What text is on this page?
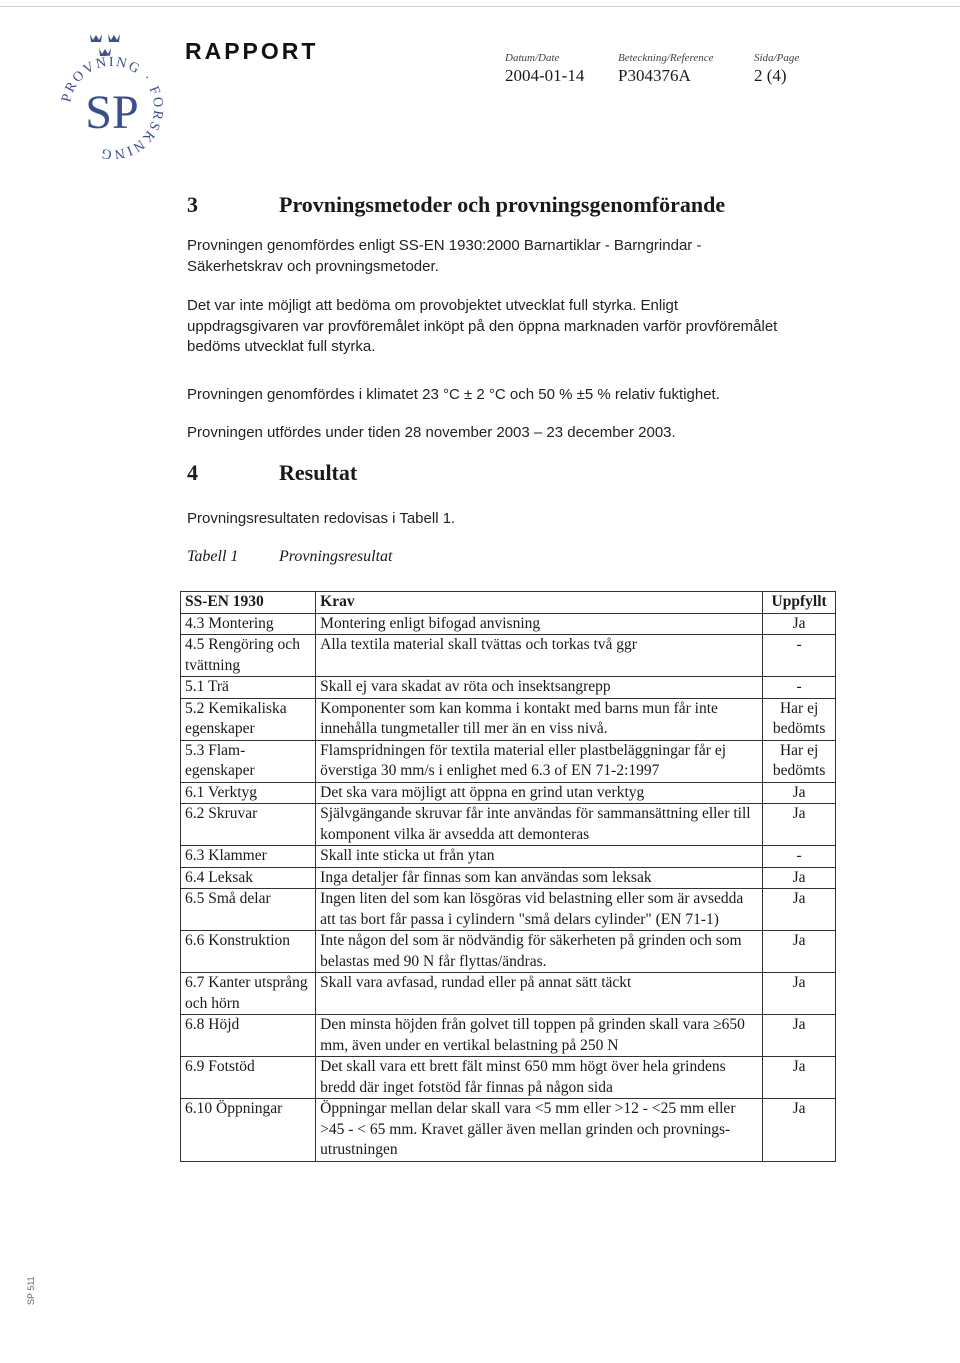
SP
PROVNING · FORSKNING
RAPPORT	Datum/Date
2004-01-14
Beteckning/Reference
P304376A
Sida/Page
2 (4)
3	Provningsmetoder och provningsgenomförande
Provningen genomfördes enligt SS-EN 1930:2000 Barnartiklar - Barngrindar - Säkerhetskrav och provningsmetoder.
Det var inte möjligt att bedöma om provobjektet utvecklat full styrka. Enligt uppdragsgivaren var provföremålet inköpt på den öppna marknaden varför provföremålet bedöms utvecklat full styrka.
Provningen genomfördes i klimatet 23 °C ± 2 °C och 50 % ±5 % relativ fuktighet.
Provningen utfördes under tiden 28 november 2003 – 23 december 2003.
4	Resultat
Provningsresultaten redovisas i Tabell 1.
Tabell 1	Provningsresultat
SS-EN 1930	Krav	Uppfyllt
4.3 Montering	Montering enligt bifogad anvisning	Ja
4.5 Rengöring och tvättning	Alla textila material skall tvättas och torkas två ggr	-
5.1 Trä	Skall ej vara skadat av röta och insektsangrepp	-
5.2 Kemikaliska egenskaper	Komponenter som kan komma i kontakt med barns mun får inte innehålla tungmetaller till mer än en viss nivå.	Har ej bedömts
5.3 Flam-egenskaper	Flamspridningen för textila material eller plastbeläggningar får ej överstiga 30 mm/s i enlighet med 6.3 of EN 71-2:1997	Har ej bedömts
6.1 Verktyg	Det ska vara möjligt att öppna en grind utan verktyg	Ja
6.2 Skruvar	Självgängande skruvar får inte användas för sammansättning eller till komponent vilka är avsedda att demonteras	Ja
6.3 Klammer	Skall inte sticka ut från ytan	-
6.4 Leksak	Inga detaljer får finnas som kan användas som leksak	Ja
6.5 Små delar	Ingen liten del som kan lösgöras vid belastning eller som är avsedda att tas bort får passa i cylindern "små delars cylinder" (EN 71-1)	Ja
6.6 Konstruktion	Inte någon del som är nödvändig för säkerheten på grinden och som belastas med 90 N får flyttas/ändras.	Ja
6.7 Kanter utsprång och hörn	Skall vara avfasad, rundad eller på annat sätt täckt	Ja
6.8 Höjd	Den minsta höjden från golvet till toppen på grinden skall vara ≥650 mm, även under en vertikal belastning på 250 N	Ja
6.9 Fotstöd	Det skall vara ett brett fält minst 650 mm högt över hela grindens bredd där inget fotstöd får finnas på någon sida	Ja
6.10 Öppningar	Öppningar mellan delar skall vara <5 mm eller >12 - <25 mm eller >45 - < 65 mm. Kravet gäller även mellan grinden och provnings-utrustningen	Ja
SP 511
